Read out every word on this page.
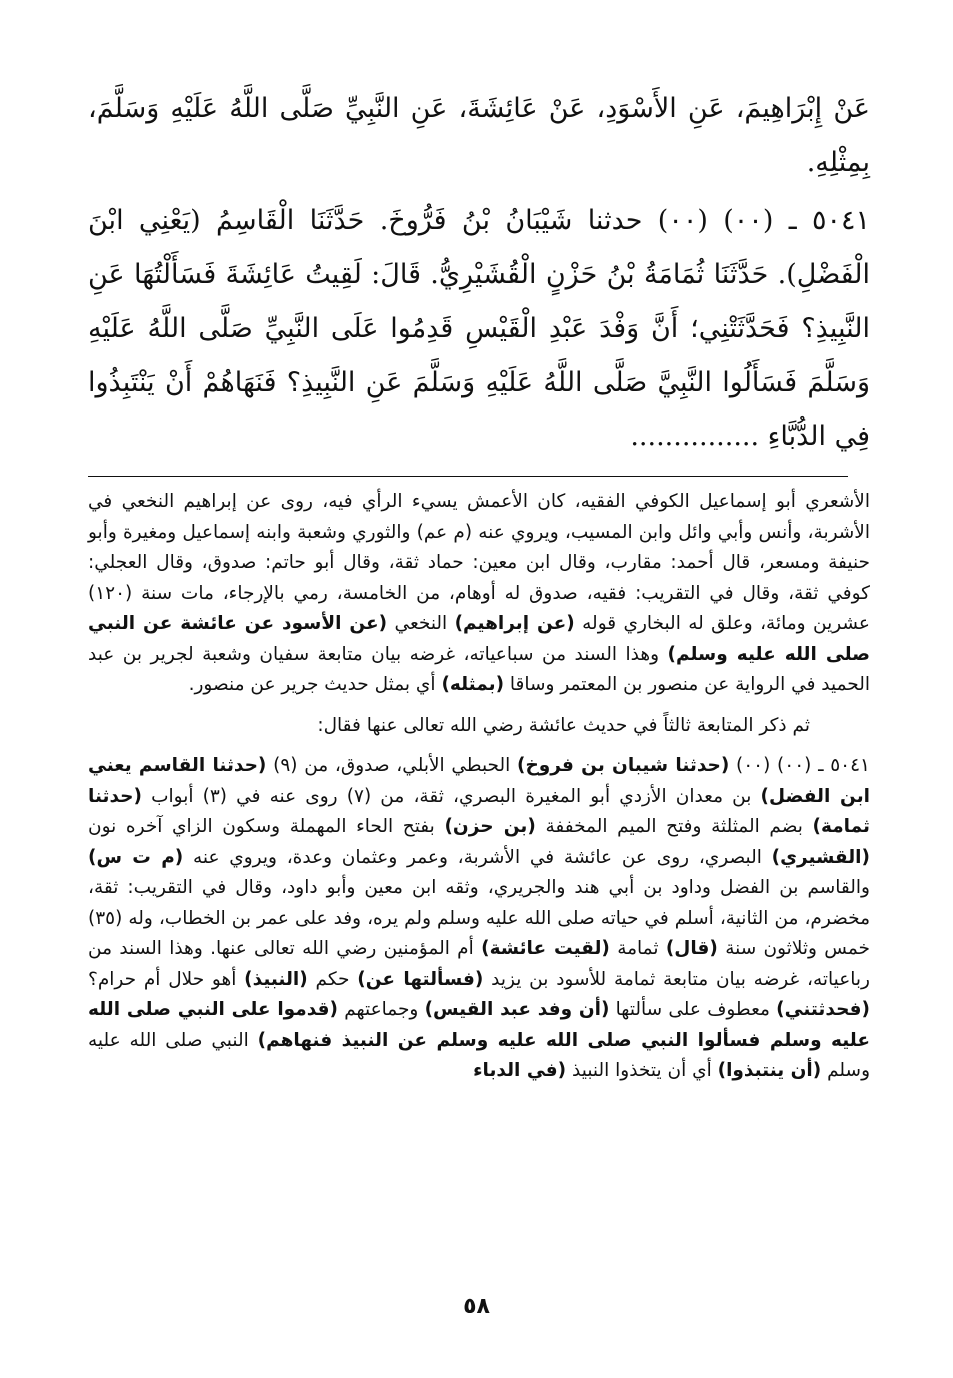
عَنْ إِبْرَاهِيمَ، عَنِ الأَسْوَدِ، عَنْ عَائِشَةَ، عَنِ النَّبِيِّ صَلَّى اللَّهُ عَلَيْهِ وَسَلَّمَ، بِمِثْلِهِ.

٥٠٤١ ـ (٠٠) (٠٠) حدثنا شَيْبَانُ بْنُ فَرُّوخَ. حَدَّثَنَا الْقَاسِمُ (يَعْنِي ابْنَ الْفَضْلِ). حَدَّثَنَا ثُمَامَةُ بْنُ حَزْنٍ الْقُشَيْرِيُّ. قَالَ: لَقِيتُ عَائِشَةَ فَسَأَلْتُهَا عَنِ النَّبِيذِ؟ فَحَدَّثَتْنِي؛ أَنَّ وَفْدَ عَبْدِ الْقَيْسِ قَدِمُوا عَلَى النَّبِيِّ صَلَّى اللَّهُ عَلَيْهِ وَسَلَّمَ فَسَأَلُوا النَّبِيَّ صَلَّى اللَّهُ عَلَيْهِ وَسَلَّمَ عَنِ النَّبِيذِ؟ فَنَهَاهُمْ أَنْ يَنْتَبِذُوا فِي الدُّبَّاءِ ...............

الأشعري أبو إسماعيل الكوفي الفقيه، كان الأعمش يسيء الرأي فيه، روى عن إبراهيم النخعي في الأشربة، وأنس وأبي وائل وابن المسيب، ويروي عنه (م عم) والثوري وشعبة وابنه إسماعيل ومغيرة وأبو حنيفة ومسعر، قال أحمد: مقارب، وقال ابن معين: حماد ثقة، وقال أبو حاتم: صدوق، وقال العجلي: كوفي ثقة، وقال في التقريب: فقيه، صدوق له أوهام، من الخامسة، رمي بالإرجاء، مات سنة (١٢٠) عشرين ومائة، وعلق له البخاري قوله (عن إبراهيم) النخعي (عن الأسود عن عائشة عن النبي صلى الله عليه وسلم) وهذا السند من سباعياته، غرضه بيان متابعة سفيان وشعبة لجرير بن عبد الحميد في الرواية عن منصور بن المعتمر وساقا (بمثله) أي بمثل حديث جرير عن منصور.

ثم ذكر المتابعة ثالثاً في حديث عائشة رضي الله تعالى عنها فقال:

٥٠٤١ ـ (٠٠) (٠٠) (حدثنا شيبان بن فروخ) الحبطي الأبلي، صدوق، من (٩) (حدثنا القاسم يعني ابن الفضل) بن معدان الأزدي أبو المغيرة البصري، ثقة، من (٧) روى عنه في (٣) أبواب (حدثنا ثمامة) بضم المثلثة وفتح الميم المخففة (بن حزن) بفتح الحاء المهملة وسكون الزاي آخره نون (القشيري) البصري، روى عن عائشة في الأشربة، وعمر وعثمان وعدة، ويروي عنه (م ت س) والقاسم بن الفضل وداود بن أبي هند والجريري، وثقه ابن معين وأبو داود، وقال في التقريب: ثقة، مخضرم، من الثانية، أسلم في حياته صلى الله عليه وسلم ولم يره، وفد على عمر بن الخطاب، وله (٣٥) خمس وثلاثون سنة (قال) ثمامة (لقيت عائشة) أم المؤمنين رضي الله تعالى عنها. وهذا السند من رباعياته، غرضه بيان متابعة ثمامة للأسود بن يزيد (فسألتها عن) حكم (النبيذ) أهو حلال أم حرام؟ (فحدثتني) معطوف على سألتها (أن وفد عبد القيس) وجماعتهم (قدموا على النبي صلى الله عليه وسلم فسألوا النبي صلى الله عليه وسلم عن النبيذ فنهاهم) النبي صلى الله عليه وسلم (أن ينتبذوا) أي أن يتخذوا النبيذ (في الدباء

٥٨
